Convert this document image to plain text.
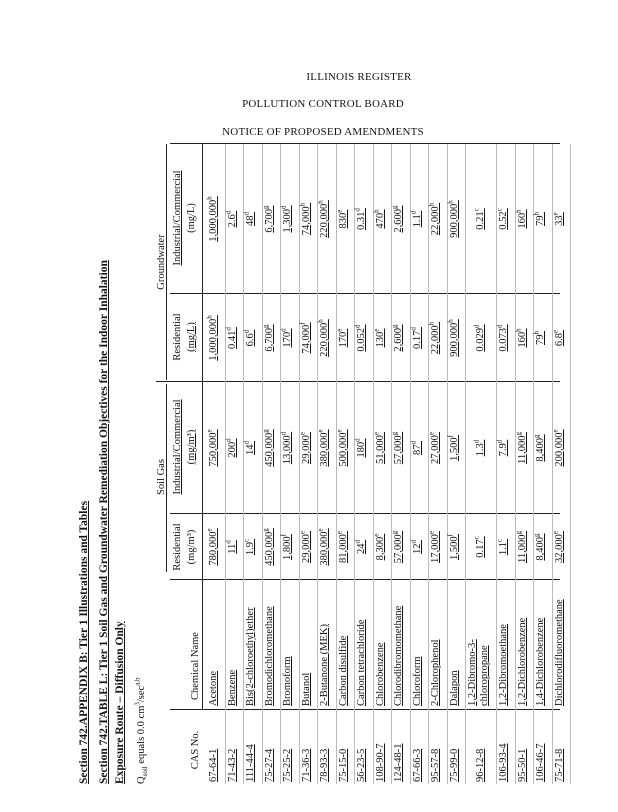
ILLINOIS REGISTER
POLLUTION CONTROL BOARD
NOTICE OF PROPOSED AMENDMENTS
Section 742.APPENDIX B: Tier 1 Illustrations and Tables Section 742.TABLE L: Tier 1 Soil Gas and Groundwater Remediation Objectives for the Indoor Inhalation Exposure Route – Diffusion Only $Q_{soil}$ equals 0.0 $cm^3/\sec^{a,b}$
Soil Gas
Groundwater
CAS No.
Chemical Name
Residential (mg/m³)
Industrial/Commercial (mg/m³)
Residential (mg/L)
Industrial/Commercial (mg/L)
67-64-1
Acetone
780,000e
750,000e
1,000,000$^h$
1,000,000$^h$
71-43-2
Benzene
11$^d$
200$^d$
0.41$^d$
2.6$^d$
111-44-4
Bis(2-chloroethyl)ether
1.9$^c$
14$^d$
6.6$^d$
48$^d$
75-27-4
Bromodichloromethane
450,000$^g$
450,000$^g$
6,700$^g$
6,700$^g$
75-25-2
Bromoform
1,800$^f$
13,000$^d$
170$^d$
1,300$^d$
71-36-3
Butanol
29,000e
29,000e
74,000$^f$
74,000$^h$
78-93-3
2-Butanone (MEK)
380,000e
380,000e
220,000$^h$
220,000$^h$
75-15-0
Carbon disulfide
81,000e
500,000e
170e
830e
56-23-5
Carbon tetrachloride
24$^d$
180$^d$
0.052$^d$
0.31$^d$
108-90-7
Chlorobenzene
8,300e
51,000e
130e
470$^h$
124-48-1
Chlorodibromomethane
57,000$^g$
57,000$^g$
2,600$^g$
2,600$^g$
67-66-3
Chloroform
12$^d$
87$^d$
0.17$^d$
1.1$^d$
95-57-8
2-Chlorophenol
17,000e
27,000e
22,000$^h$
22,000$^h$
75-99-0
Dalapon
1,500$^f$
1,500$^f$
900,000$^h$
900,000$^h$
96-12-8
1,2-Dibromo-3-
chloropropane
0.17$^c$
1.3$^d$
0.029$^d$
0.21$^c$
106-93-4
1,2-Dibromoethane
1.1$^c$
7.9$^d$
0.073$^d$
0.52$^c$
95-50-1
1,2-Dichlorobenzene
11,000$^g$
11,000$^g$
160$^h$
160$^h$
106-46-7
1,4-Dichlorobenzene
8,400$^g$
8,400$^g$
79$^h$
79$^h$
75-71-8
Dichlorodifluoromethane
32,000e
200,000e
6.8e
33e
